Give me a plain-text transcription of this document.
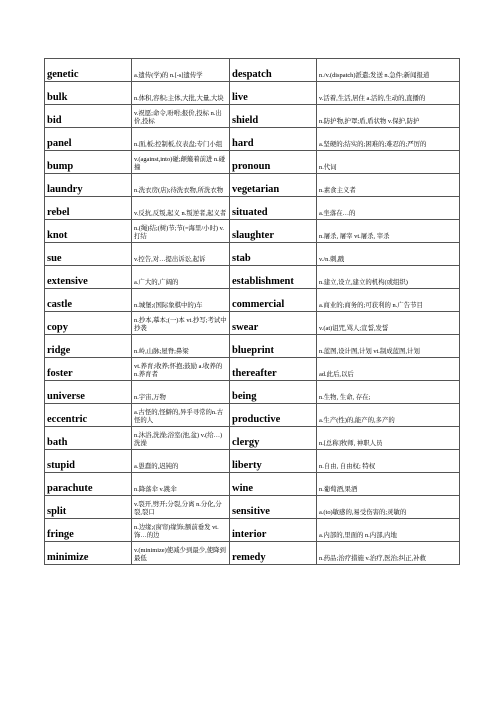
genetic	a.遗传(学)的 n.[-s]遗传学	despatch	n./v.(dispatch)派遣;发送 n.急件;新闻报道
bulk	n.体积,容积;主体,大批,大量,大块	live	v.活着,生活,居住 a.活的,生动的,直播的
bid	v.祝愿;命令,吩咐;报价,投标 n.出价,投标	shield	n.防护物,护罩;盾,盾状物 v.保护,防护
panel	n.面,板;控制板,仪表盘;专门小组	hard	a.坚硬的;结实的;困难的;难忍的;严厉的
bump	v.(against,into)碰;颠簸着前进 n.碰撞	pronoun	n.代词
laundry	n.洗衣房(店);待洗衣物,所洗衣物	vegetarian	n.素食主义者
rebel	v.反抗,反叛,起义 n.叛逆者,起义者	situated	a.坐落在…的
knot	n.(绳)结;(树)节;节(=海里/小时) v.打结	slaughter	n.屠杀, 屠宰 vt.屠杀, 宰杀
sue	v.控告,对…提出诉讼,起诉	stab	v./n.刺,戳
extensive	a.广大的,广阔的	establishment	n.建立,设立,建立的机构(或组织)
castle	n.城堡;(国际象棋中的)车	commercial	a.商业的;商务的;可获利的 n.广告节目
copy	n.抄本,摹本;(一)本 vt.抄写;考试中抄袭	swear	v.(at)诅咒,骂人;宣誓,发誓
ridge	n.岭,山脉;屋脊;鼻梁	blueprint	n.蓝图,设计图,计划 vt.制成蓝图,计划
foster	vt.养育;收养;怀抱;鼓励 a.收养的 n.养育者	thereafter	ad.此后,以后
universe	n.宇宙,万物	being	n.生物, 生命, 存在;
eccentric	a.古怪的,怪僻的,异乎寻常的n.古怪的人	productive	a.生产(性)的,能产的,多产的
bath	n.沐浴,洗澡;浴室(池,盆) v.(给…)洗澡	clergy	n.[总称]牧师, 神职人员
stupid	a.愚蠢的,迟钝的	liberty	n.自由, 自由权; 特权
parachute	n.降落伞 v.跳伞	wine	n.葡萄酒,果酒
split	v.裂开,劈开;分裂,分离 n.分化,分裂,裂口	sensitive	a.(to)敏感的,易受伤害的;灵敏的
fringe	n.边缘;(窗帘)缘饰;额前垂发 vt.饰…的边	interior	a.内部的,里面的 n.内部,内地
minimize	v.(minimize)使减少到最少,使降到最低	remedy	n.药品;治疗措施 v.治疗,医治;纠正,补救
